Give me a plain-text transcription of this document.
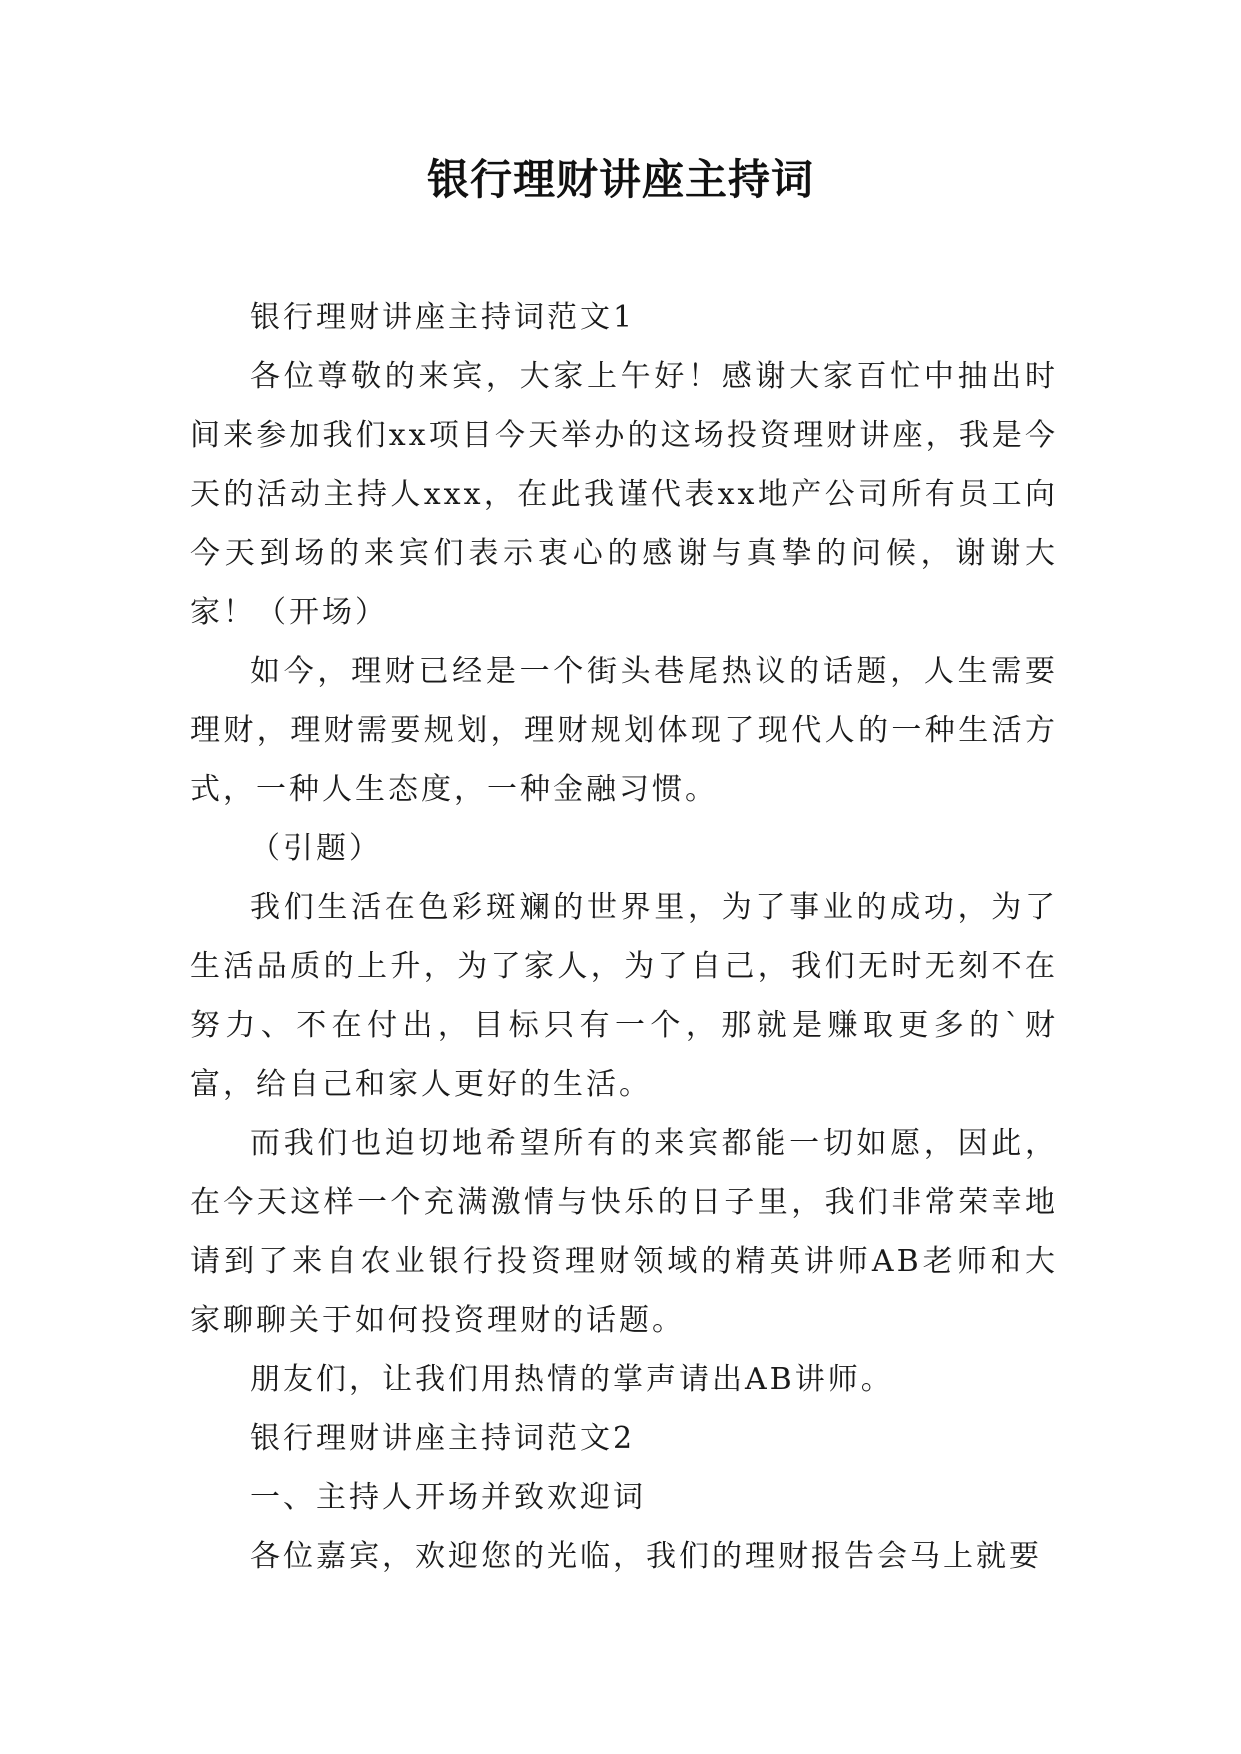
银行理财讲座主持词

银行理财讲座主持词范文1

各位尊敬的来宾，大家上午好！感谢大家百忙中抽出时间来参加我们xx项目今天举办的这场投资理财讲座，我是今天的活动主持人xxx，在此我谨代表xx地产公司所有员工向今天到场的来宾们表示衷心的感谢与真挚的问候，谢谢大家！（开场）

如今，理财已经是一个街头巷尾热议的话题，人生需要理财，理财需要规划，理财规划体现了现代人的一种生活方式，一种人生态度，一种金融习惯。

（引题）

我们生活在色彩斑斓的世界里，为了事业的成功，为了生活品质的上升，为了家人，为了自己，我们无时无刻不在努力、不在付出，目标只有一个，那就是赚取更多的`财富，给自己和家人更好的生活。

而我们也迫切地希望所有的来宾都能一切如愿，因此，在今天这样一个充满激情与快乐的日子里，我们非常荣幸地请到了来自农业银行投资理财领域的精英讲师AB老师和大家聊聊关于如何投资理财的话题。

朋友们，让我们用热情的掌声请出AB讲师。

银行理财讲座主持词范文2

一、主持人开场并致欢迎词

各位嘉宾，欢迎您的光临，我们的理财报告会马上就要
